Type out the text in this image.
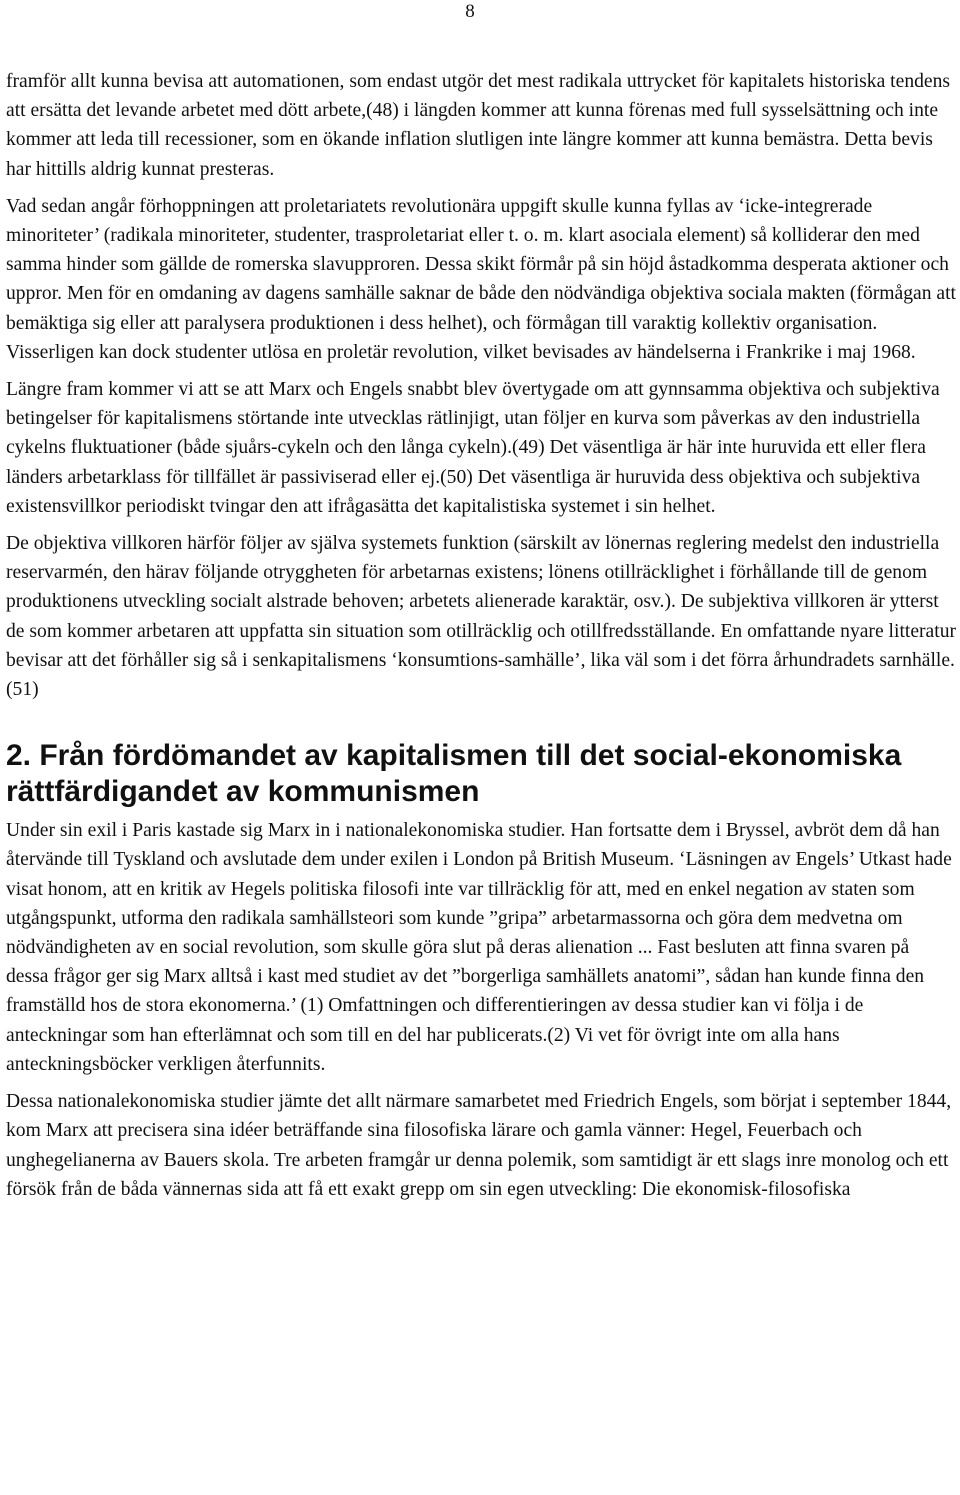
8

framför allt kunna bevisa att automationen, som endast utgör det mest radikala uttrycket för kapitalets historiska tendens att ersätta det levande arbetet med dött arbete,(48) i längden kommer att kunna förenas med full sysselsättning och inte kommer att leda till recessioner, som en ökande inflation slutligen inte längre kommer att kunna bemästra. Detta bevis har hittills aldrig kunnat presteras.

Vad sedan angår förhoppningen att proletariatets revolutionära uppgift skulle kunna fyllas av ‘icke-integrerade minoriteter’ (radikala minoriteter, studenter, trasproletariat eller t. o. m. klart asociala element) så kolliderar den med samma hinder som gällde de romerska slavupproren. Dessa skikt förmår på sin höjd åstadkomma desperata aktioner och uppror. Men för en omdaning av dagens samhälle saknar de både den nödvändiga objektiva sociala makten (förmågan att bemäktiga sig eller att paralysera produktionen i dess helhet), och förmågan till varaktig kollektiv organisation. Visserligen kan dock studenter utlösa en proletär revolution, vilket bevisades av händelserna i Frankrike i maj 1968.

Längre fram kommer vi att se att Marx och Engels snabbt blev övertygade om att gynnsamma objektiva och subjektiva betingelser för kapitalismens störtande inte utvecklas rätlinjigt, utan följer en kurva som påverkas av den industriella cykelns fluktuationer (både sjuårs-cykeln och den långa cykeln).(49) Det väsentliga är här inte huruvida ett eller flera länders arbetarklass för tillfället är passiviserad eller ej.(50) Det väsentliga är huruvida dess objektiva och subjektiva existensvillkor periodiskt tvingar den att ifrågasätta det kapitalistiska systemet i sin helhet.

De objektiva villkoren härför följer av själva systemets funktion (särskilt av lönernas reglering medelst den industriella reservarmén, den härav följande otryggheten för arbetarnas existens; lönens otillräcklighet i förhållande till de genom produktionens utveckling socialt alstrade behoven; arbetets alienerade karaktär, osv.). De subjektiva villkoren är ytterst de som kommer arbetaren att uppfatta sin situation som otillräcklig och otillfredsställande. En omfattande nyare litteratur bevisar att det förhåller sig så i senkapitalismens ‘konsumtions-samhälle’, lika väl som i det förra århundradets sarnhälle.(51)

2. Från fördömandet av kapitalismen till det social-ekonomiska rättfärdigandet av kommunismen

Under sin exil i Paris kastade sig Marx in i nationalekonomiska studier. Han fortsatte dem i Bryssel, avbröt dem då han återvände till Tyskland och avslutade dem under exilen i London på British Museum. ‘Läsningen av Engels’ Utkast hade visat honom, att en kritik av Hegels politiska filosofi inte var tillräcklig för att, med en enkel negation av staten som utgångspunkt, utforma den radikala samhällsteori som kunde ”gripa” arbetarmassorna och göra dem medvetna om nödvändigheten av en social revolution, som skulle göra slut på deras alienation ... Fast besluten att finna svaren på dessa frågor ger sig Marx alltså i kast med studiet av det ”borgerliga samhällets anatomi”, sådan han kunde finna den framställd hos de stora ekonomerna.’ (1) Omfattningen och differentieringen av dessa studier kan vi följa i de anteckningar som han efterlämnat och som till en del har publicerats.(2) Vi vet för övrigt inte om alla hans anteckningsböcker verkligen återfunnits.

Dessa nationalekonomiska studier jämte det allt närmare samarbetet med Friedrich Engels, som börjat i september 1844, kom Marx att precisera sina idéer beträffande sina filosofiska lärare och gamla vänner: Hegel, Feuerbach och unghegelianerna av Bauers skola. Tre arbeten framgår ur denna polemik, som samtidigt är ett slags inre monolog och ett försök från de båda vännernas sida att få ett exakt grepp om sin egen utveckling: Die ekonomisk-filosofiska
